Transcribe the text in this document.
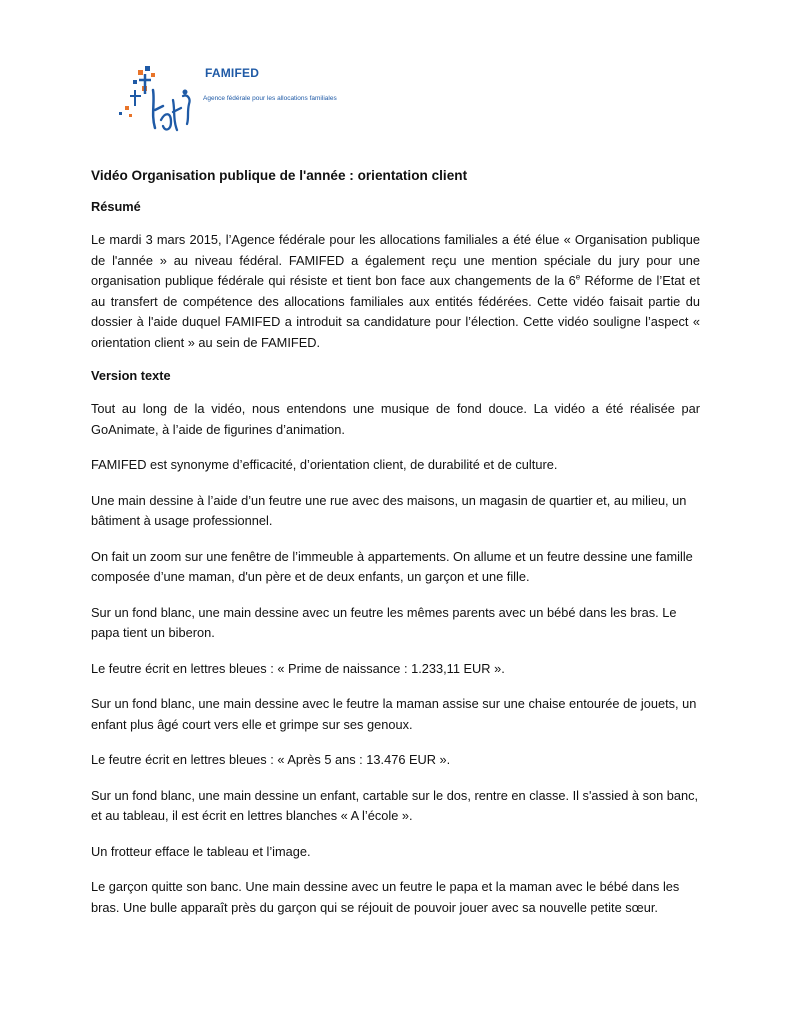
FAMIFED
Agence fédérale pour les allocations familiales
Vidéo Organisation publique de l'année : orientation client
Résumé

Le mardi 3 mars 2015, l’Agence fédérale pour les allocations familiales a été élue « Organisation publique de l'année » au niveau fédéral. FAMIFED a également reçu une mention spéciale du jury pour une organisation publique fédérale qui résiste et tient bon face aux changements de la 6e Réforme de l’Etat et au transfert de compétence des allocations familiales aux entités fédérées. Cette vidéo faisait partie du dossier à l'aide duquel FAMIFED a introduit sa candidature pour l’élection. Cette vidéo souligne l’aspect « orientation client » au sein de FAMIFED.

Version texte

Tout au long de la vidéo, nous entendons une musique de fond douce. La vidéo a été réalisée par GoAnimate, à l’aide de figurines d’animation.

FAMIFED est synonyme d’efficacité, d’orientation client, de durabilité et de culture.

Une main dessine à l’aide d’un feutre une rue avec des maisons, un magasin de quartier et, au milieu, un bâtiment à usage professionnel.

On fait un zoom sur une fenêtre de l’immeuble à appartements. On allume et un feutre dessine une famille composée d’une maman, d'un père et de deux enfants, un garçon et une fille.

Sur un fond blanc, une main dessine avec un feutre les mêmes parents avec un bébé dans les bras. Le papa tient un biberon.

Le feutre écrit en lettres bleues : « Prime de naissance : 1.233,11 EUR ».

Sur un fond blanc, une main dessine avec le feutre la maman assise sur une chaise entourée de jouets, un enfant plus âgé court vers elle et grimpe sur ses genoux.

Le feutre écrit en lettres bleues : « Après 5 ans : 13.476 EUR ».

Sur un fond blanc, une main dessine un enfant, cartable sur le dos, rentre en classe. Il s'assied à son banc, et au tableau, il est écrit en lettres blanches « A l’école ».

Un frotteur efface le tableau et l’image.

Le garçon quitte son banc. Une main dessine avec un feutre le papa et la maman avec le bébé dans les bras. Une bulle apparaît près du garçon qui se réjouit de pouvoir jouer avec sa nouvelle petite sœur.
